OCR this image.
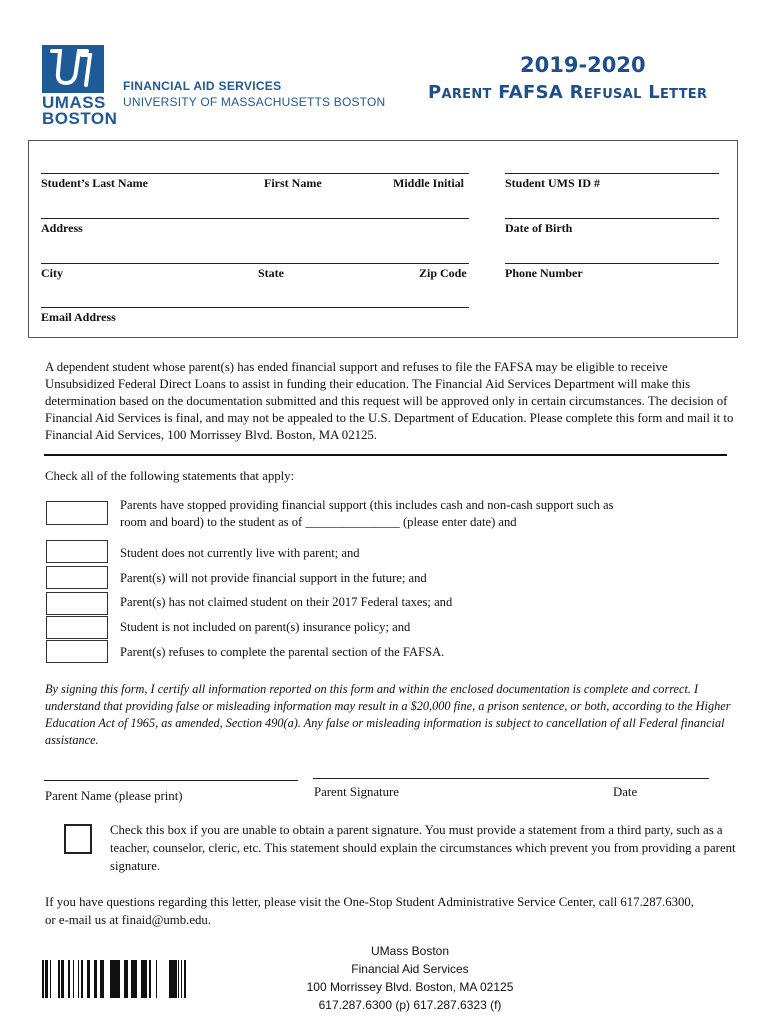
UMASS BOSTON
FINANCIAL AID SERVICES
UNIVERSITY OF MASSACHUSETTS BOSTON
2019-2020
Parent FAFSA Refusal Letter
Student’s Last Name	First Name	Middle Initial	Student UMS ID #
Address	Date of Birth
City	State	Zip Code	Phone Number
Email Address
A dependent student whose parent(s) has ended financial support and refuses to file the FAFSA may be eligible to receive Unsubsidized Federal Direct Loans to assist in funding their education. The Financial Aid Services Department will make this determination based on the documentation submitted and this request will be approved only in certain circumstances. The decision of Financial Aid Services is final, and may not be appealed to the U.S. Department of Education. Please complete this form and mail it to Financial Aid Services, 100 Morrissey Blvd. Boston, MA 02125.
Check all of the following statements that apply:
Parents have stopped providing financial support (this includes cash and non-cash support such as room and board) to the student as of _______________ (please enter date) and
Student does not currently live with parent; and
Parent(s) will not provide financial support in the future; and
Parent(s) has not claimed student on their 2017 Federal taxes; and
Student is not included on parent(s) insurance policy; and
Parent(s) refuses to complete the parental section of the FAFSA.
By signing this form, I certify all information reported on this form and within the enclosed documentation is complete and correct. I understand that providing false or misleading information may result in a $20,000 fine, a prison sentence, or both, according to the Higher Education Act of 1965, as amended, Section 490(a). Any false or misleading information is subject to cancellation of all Federal financial assistance.
Parent Name (please print)	Parent Signature	Date
Check this box if you are unable to obtain a parent signature. You must provide a statement from a third party, such as a teacher, counselor, cleric, etc. This statement should explain the circumstances which prevent you from providing a parent signature.
If you have questions regarding this letter, please visit the One-Stop Student Administrative Service Center, call 617.287.6300, or e-mail us at finaid@umb.edu.
UMass Boston
Financial Aid Services
100 Morrissey Blvd. Boston, MA 02125
617.287.6300 (p) 617.287.6323 (f)
